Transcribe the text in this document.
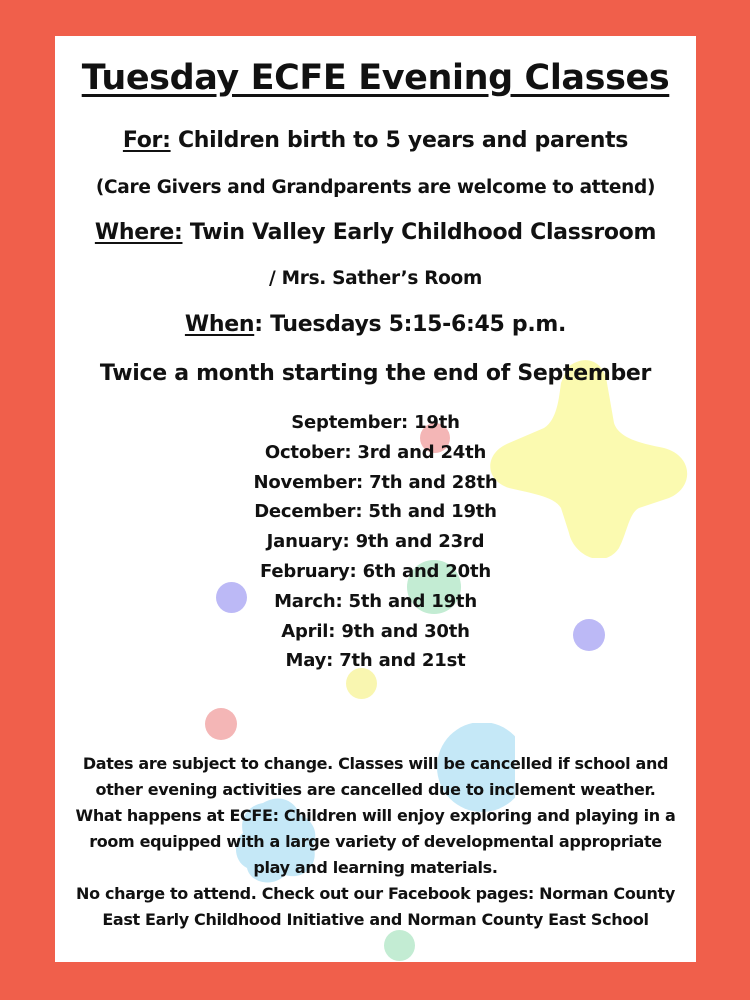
Tuesday ECFE Evening Classes
For: Children birth to 5 years and parents
(Care Givers and Grandparents are welcome to attend)
Where: Twin Valley Early Childhood Classroom
/ Mrs. Sather’s Room
When: Tuesdays 5:15-6:45 p.m.
Twice a month starting the end of September
September: 19th
October: 3rd and 24th
November: 7th and 28th
December: 5th and 19th
January: 9th and 23rd
February: 6th and 20th
March: 5th and 19th
April: 9th and 30th
May: 7th and 21st
Dates are subject to change. Classes will be cancelled if school and
other evening activities are cancelled due to inclement weather.
What happens at ECFE: Children will enjoy exploring and playing in a
room equipped with a large variety of developmental appropriate
play and learning materials.
No charge to attend. Check out our Facebook pages: Norman County
East Early Childhood Initiative and Norman County East School
